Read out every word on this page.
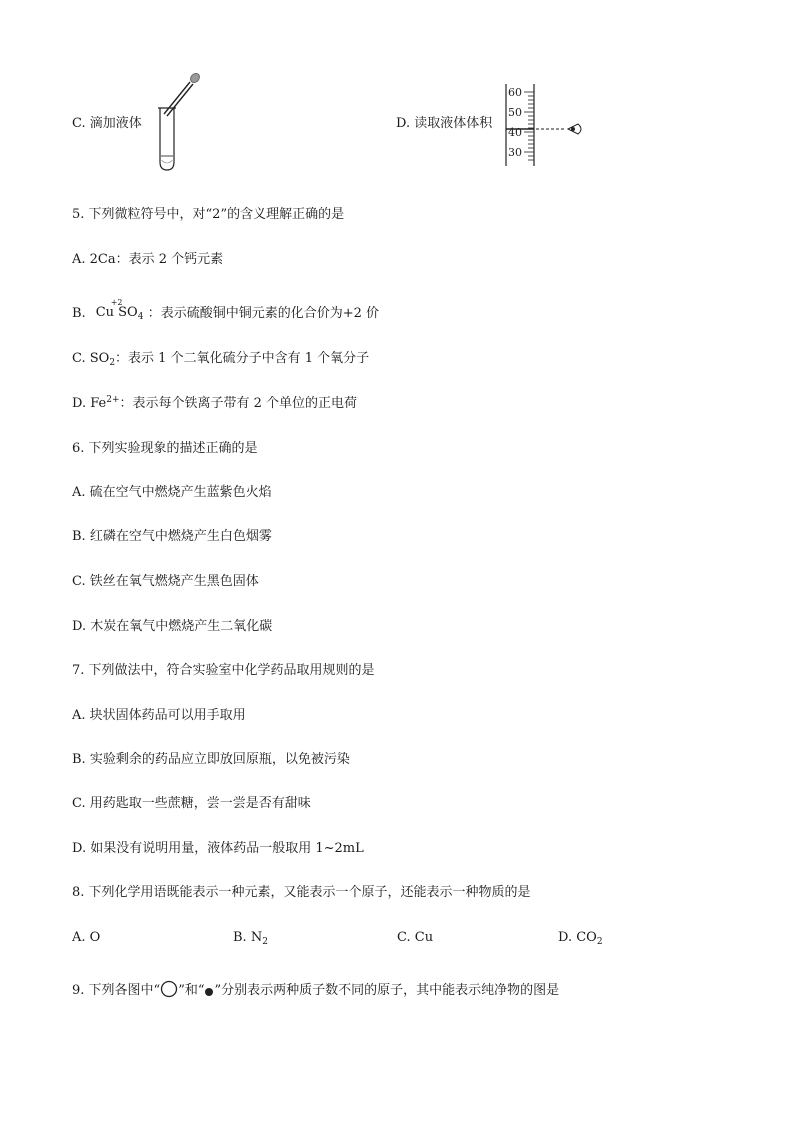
C. 滴加液体	D. 读取液体体积
60
50
40
30
5. 下列微粒符号中，对“2”的含义理解正确的是
A. 2Ca：表示 2 个钙元素
B.
+2
Cu $SO_4$ ：表示硫酸铜中铜元素的化合价为+2 价
C. $SO_2$：表示 1 个二氧化硫分子中含有 1 个氧分子
D. $Fe^{2+}$：表示每个铁离子带有 2 个单位的正电荷
6. 下列实验现象的描述正确的是
A. 硫在空气中燃烧产生蓝紫色火焰
B. 红磷在空气中燃烧产生白色烟雾
C. 铁丝在氧气燃烧产生黑色固体
D. 木炭在氧气中燃烧产生二氧化碳
7. 下列做法中，符合实验室中化学药品取用规则的是
A. 块状固体药品可以用手取用
B. 实验剩余的药品应立即放回原瓶，以免被污染
C. 用药匙取一些蔗糖，尝一尝是否有甜味
D. 如果没有说明用量，液体药品一般取用 1~2mL
8. 下列化学用语既能表示一种元素，又能表示一个原子，还能表示一种物质的是
A. O	B. $N_2$	C. Cu	D. $CO_2$
9. 下列各图中“ ”和“ ”分别表示两种质子数不同的原子，其中能表示纯净物的图是
